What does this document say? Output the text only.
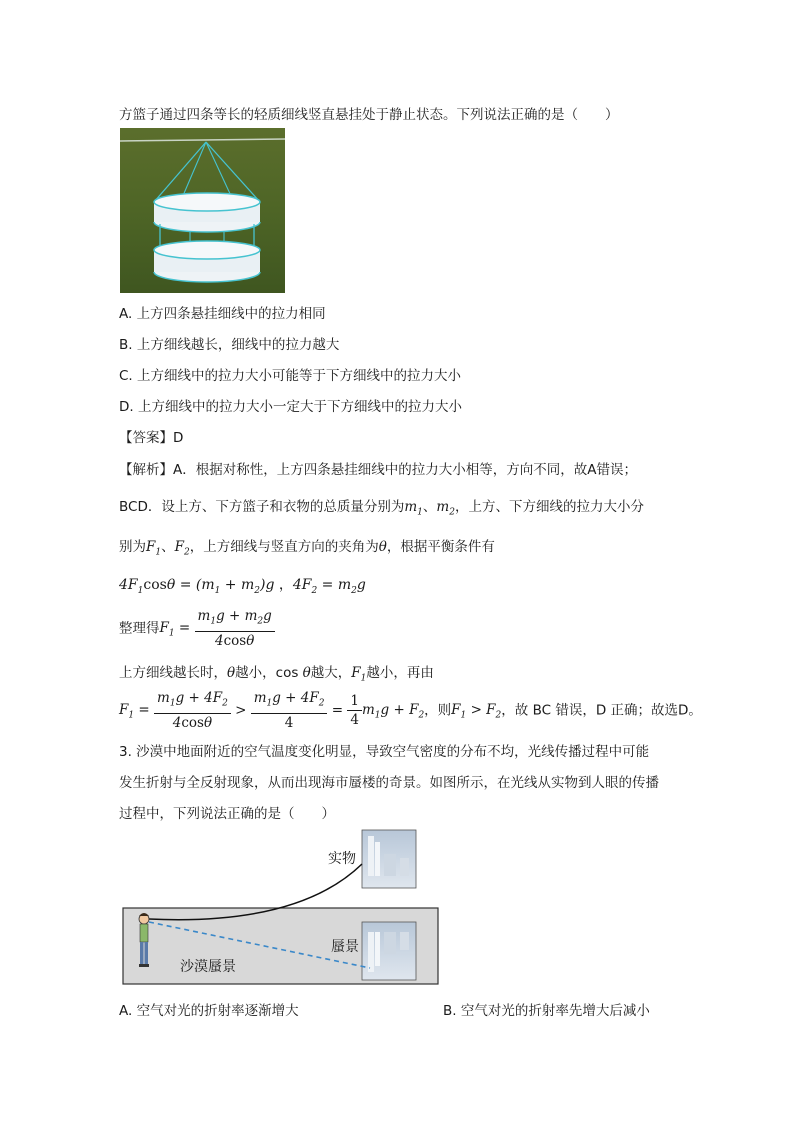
方篮子通过四条等长的轻质细线竖直悬挂处于静止状态。下列说法正确的是（　　）
A. 上方四条悬挂细线中的拉力相同
B. 上方细线越长，细线中的拉力越大
C. 上方细线中的拉力大小可能等于下方细线中的拉力大小
D. 上方细线中的拉力大小一定大于下方细线中的拉力大小
【答案】D
【解析】A．根据对称性，上方四条悬挂细线中的拉力大小相等，方向不同，故A错误；
BCD．设上方、下方篮子和衣物的总质量分别为$m_1$、$m_2$，上方、下方细线的拉力大小分
别为$F_1$、$F_2$，上方细线与竖直方向的夹角为θ，根据平衡条件有
$4F_1\cos\theta = (m_1 + m_2)g$ ，$4F_2 = m_2g$
整理得$F_1 = \frac{m_1g + m_2g}{4\cos\theta}$
上方细线越长时，θ越小，cos θ越大，$F_1$越小，再由
$F_1 = \frac{m_1g + 4F_2}{4\cos\theta} > \frac{m_1g + 4F_2}{4} = \frac{1}{4} m_1g + F_2$，则$F_1 > F_2$，故 BC 错误，D 正确；故选D。
3. 沙漠中地面附近的空气温度变化明显，导致空气密度的分布不均，光线传播过程中可能
发生折射与全反射现象，从而出现海市蜃楼的奇景。如图所示，在光线从实物到人眼的传播
过程中，下列说法正确的是（　　）
实物
蜃景
沙漠蜃景
A. 空气对光的折射率逐渐增大	B. 空气对光的折射率先增大后减小
